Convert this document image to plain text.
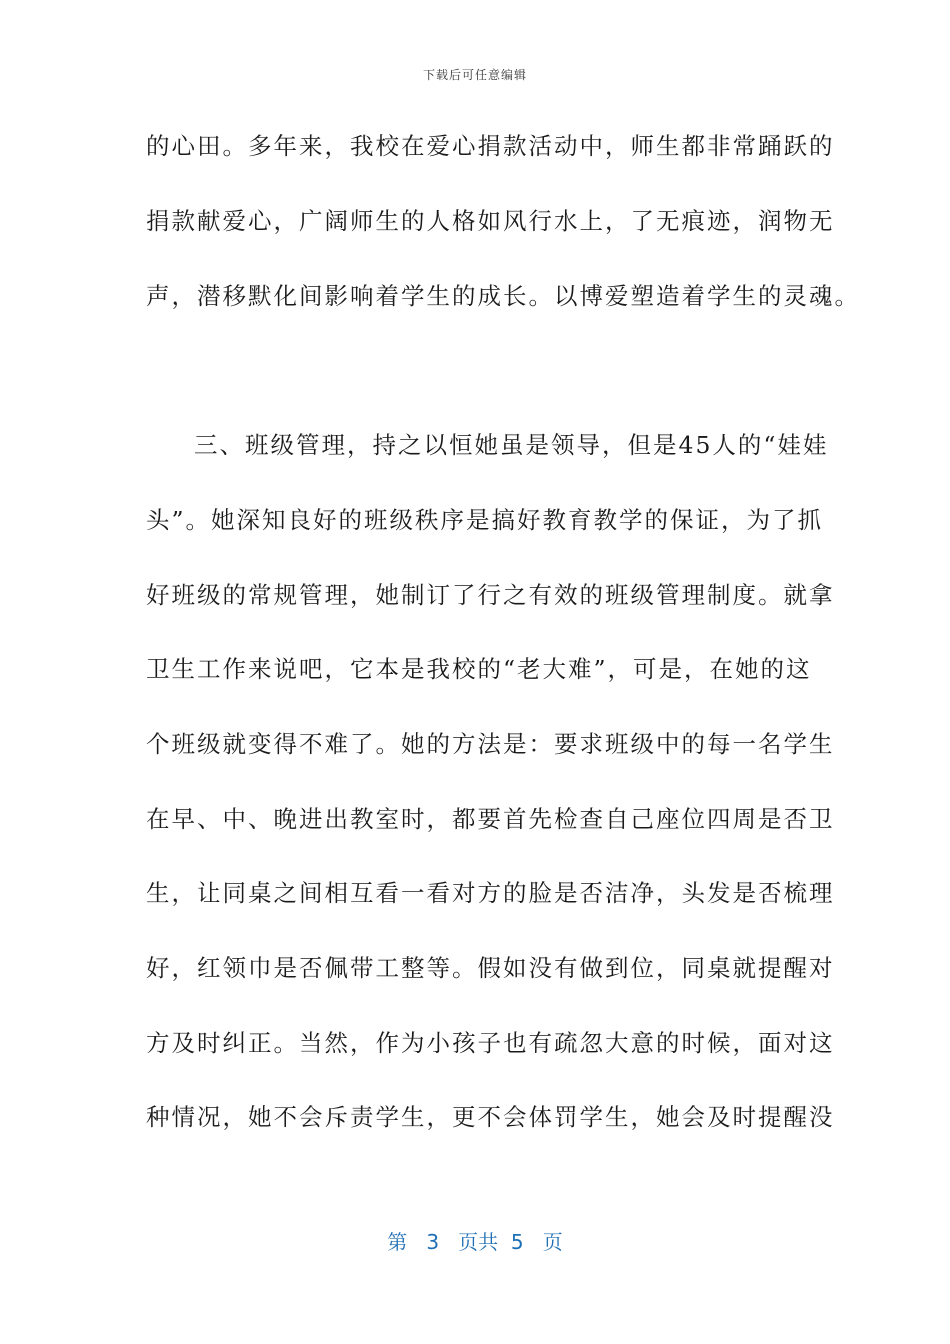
下载后可任意编辑
的心田。多年来，我校在爱心捐款活动中，师生都非常踊跃的
捐款献爱心，广阔师生的人格如风行水上，了无痕迹，润物无
声，潜移默化间影响着学生的成长。以博爱塑造着学生的灵魂。
三、班级管理，持之以恒她虽是领导，但是45人的“娃娃
头”。她深知良好的班级秩序是搞好教育教学的保证，为了抓
好班级的常规管理，她制订了行之有效的班级管理制度。就拿
卫生工作来说吧，它本是我校的“老大难”，可是，在她的这
个班级就变得不难了。她的方法是：要求班级中的每一名学生
在早、中、晚进出教室时，都要首先检查自己座位四周是否卫
生，让同桌之间相互看一看对方的脸是否洁净，头发是否梳理
好，红领巾是否佩带工整等。假如没有做到位，同桌就提醒对
方及时纠正。当然，作为小孩子也有疏忽大意的时候，面对这
种情况，她不会斥责学生，更不会体罚学生，她会及时提醒没
第 3 页共 5 页
